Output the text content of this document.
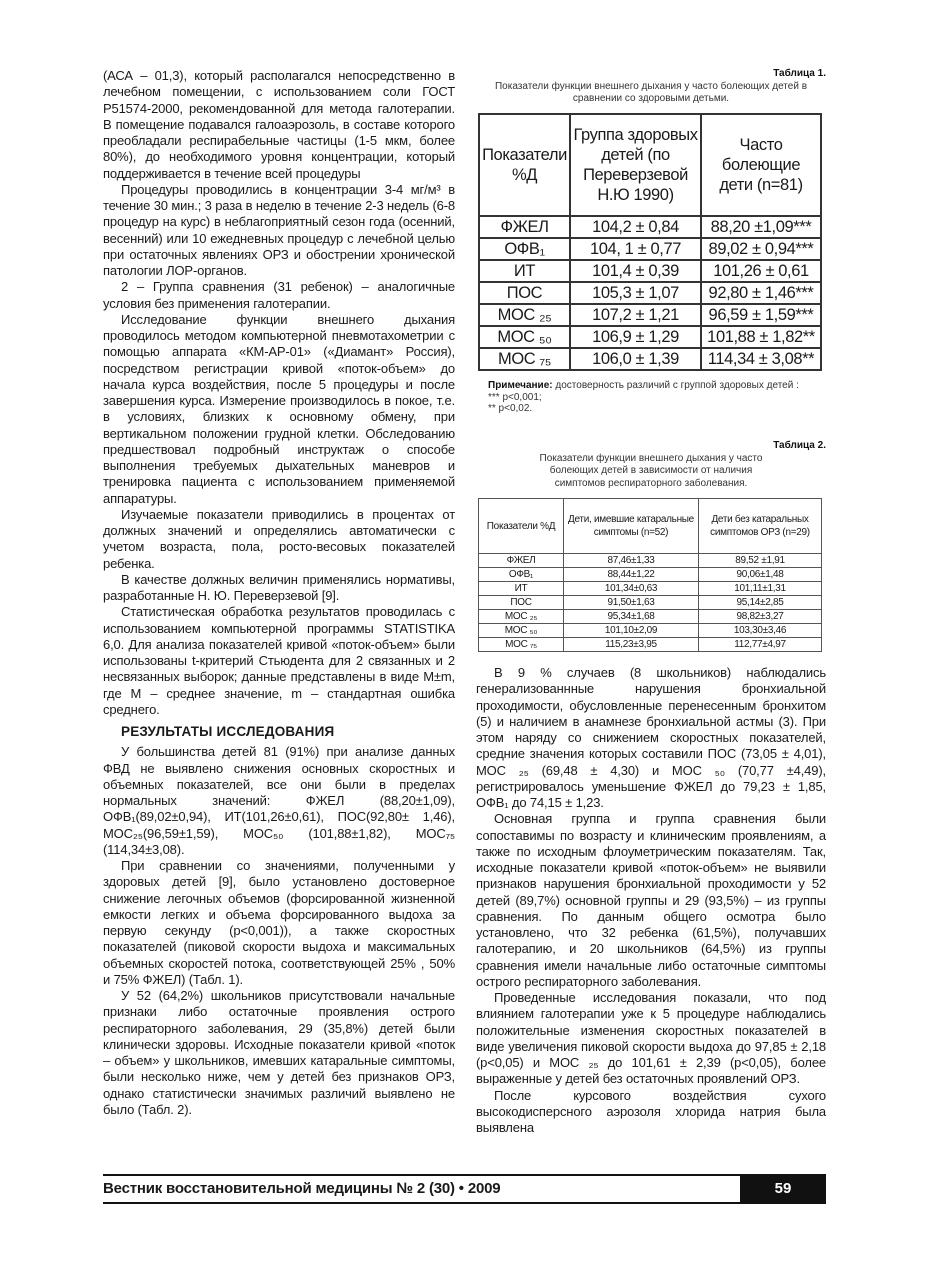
(АСА – 01,3), который располагался непосредственно в лечебном помещении, с использованием соли ГОСТ Р51574-2000, рекомендованной для метода галотерапии. В помещение подавался галоаэрозоль, в составе которого преобладали респирабельные частицы (1-5 мкм, более 80%), до необходимого уровня концентрации, который поддерживается в течение всей процедуры

Процедуры проводились в концентрации 3-4 мг/м³ в течение 30 мин.; 3 раза в неделю в течение 2-3 недель (6-8 процедур на курс) в неблагоприятный сезон года (осенний, весенний) или 10 ежедневных процедур с лечебной целью при остаточных явлениях ОРЗ и обострении хронической патологии ЛОР-органов.

2 – Группа сравнения (31 ребенок) – аналогичные условия без применения галотерапии.

Исследование функции внешнего дыхания проводилось методом компьютерной пневмотахометрии с помощью аппарата «КМ-АР-01» («Диамант» Россия), посредством регистрации кривой «поток-объем» до начала курса воздействия, после 5 процедуры и после завершения курса. Измерение производилось в покое, т.е. в условиях, близких к основному обмену, при вертикальном положении грудной клетки. Обследованию предшествовал подробный инструктаж о способе выполнения требуемых дыхательных маневров и тренировка пациента с использованием применяемой аппаратуры.

Изучаемые показатели приводились в процентах от должных значений и определялись автоматически с учетом возраста, пола, росто-весовых показателей ребенка.

В качестве должных величин применялись нормативы, разработанные Н. Ю. Переверзевой [9].

Статистическая обработка результатов проводилась с использованием компьютерной программы STATISTIKA 6,0. Для анализа показателей кривой «поток-объем» были использованы t-критерий Стьюдента для 2 связанных и 2 несвязанных выборок; данные представлены в виде M±m, где М – среднее значение, m – стандартная ошибка среднего.

РЕЗУЛЬТАТЫ ИССЛЕДОВАНИЯ

У большинства детей 81 (91%) при анализе данных ФВД не выявлено снижения основных скоростных и объемных показателей, все они были в пределах нормальных значений: ФЖЕЛ (88,20±1,09), ОФВ₁(89,02±0,94), ИТ(101,26±0,61), ПОС(92,80± 1,46), МОС₂₅(96,59±1,59), МОС₅₀ (101,88±1,82), МОС₇₅ (114,34±3,08).

При сравнении со значениями, полученными у здоровых детей [9], было установлено достоверное снижение легочных объемов (форсированной жизненной емкости легких и объема форсированного выдоха за первую секунду (р<0,001)), а также скоростных показателей (пиковой скорости выдоха и максимальных объемных скоростей потока, соответствующей 25% , 50% и 75% ФЖЕЛ) (Табл. 1).

У 52 (64,2%) школьников присутствовали начальные признаки либо остаточные проявления острого респираторного заболевания, 29 (35,8%) детей были клинически здоровы. Исходные показатели кривой «поток – объем» у школьников, имевших катаральные симптомы, были несколько ниже, чем у детей без признаков ОРЗ, однако статистически значимых различий выявлено не было (Табл. 2).

Таблица 1.
Показатели функции внешнего дыхания у часто болеющих детей в сравнении со здоровыми детьми.
Показатели %Д	Группа здоровых детей (по Переверзевой Н.Ю 1990)	Часто болеющие дети (n=81)
ФЖЕЛ	104,2 ± 0,84	88,20 ±1,09***
ОФВ₁	104, 1 ± 0,77	89,02 ± 0,94***
ИТ	101,4 ± 0,39	101,26 ± 0,61
ПОС	105,3 ± 1,07	92,80 ± 1,46***
МОС ₂₅	107,2 ± 1,21	96,59 ± 1,59***
МОС ₅₀	106,9 ± 1,29	101,88 ± 1,82**
МОС ₇₅	106,0 ± 1,39	114,34 ± 3,08**
Примечание: достоверность различий с группой здоровых детей :
*** р<0,001;
** р<0,02.
Таблица 2.
Показатели функции внешнего дыхания у часто болеющих детей в зависимости от наличия симптомов респираторного заболевания.
Показатели %Д	Дети, имевшие катаральные симптомы (n=52)	Дети без катаральных симптомов ОРЗ (n=29)
ФЖЕЛ	87,46±1,33	89,52 ±1,91
ОФВ₁	88,44±1,22	90,06±1,48
ИТ	101,34±0,63	101,11±1,31
ПОС	91,50±1,63	95,14±2,85
МОС ₂₅	95,34±1,68	98,82±3,27
МОС ₅₀	101,10±2,09	103,30±3,46
МОС ₇₅	115,23±3,95	112,77±4,97

В 9 % случаев (8 школьников) наблюдались генерализованнные нарушения бронхиальной проходимости, обусловленные перенесенным бронхитом (5) и наличием в анамнезе бронхиальной астмы (3). При этом наряду со снижением скоростных показателей, средние значения которых составили ПОС (73,05 ± 4,01), МОС ₂₅ (69,48 ± 4,30) и МОС ₅₀ (70,77 ±4,49), регистрировалось уменьшение ФЖЕЛ до 79,23 ± 1,85, ОФВ₁ до 74,15 ± 1,23.

Основная группа и группа сравнения были сопоставимы по возрасту и клиническим проявлениям, а также по исходным флоуметрическим показателям. Так, исходные показатели кривой «поток-объем» не выявили признаков нарушения бронхиальной проходимости у 52 детей (89,7%) основной группы и 29 (93,5%) – из группы сравнения. По данным общего осмотра было установлено, что 32 ребенка (61,5%), получавших галотерапию, и 20 школьников (64,5%) из группы сравнения имели начальные либо остаточные симптомы острого респираторного заболевания.

Проведенные исследования показали, что под влиянием галотерапии уже к 5 процедуре наблюдались положительные изменения скоростных показателей в виде увеличения пиковой скорости выдоха до 97,85 ± 2,18 (р<0,05) и МОС ₂₅ до 101,61 ± 2,39 (р<0,05), более выраженные у детей без остаточных проявлений ОРЗ.

После курсового воздействия сухого высокодисперсного аэрозоля хлорида натрия была выявлена

Вестник восстановительной медицины № 2 (30) • 2009	59
